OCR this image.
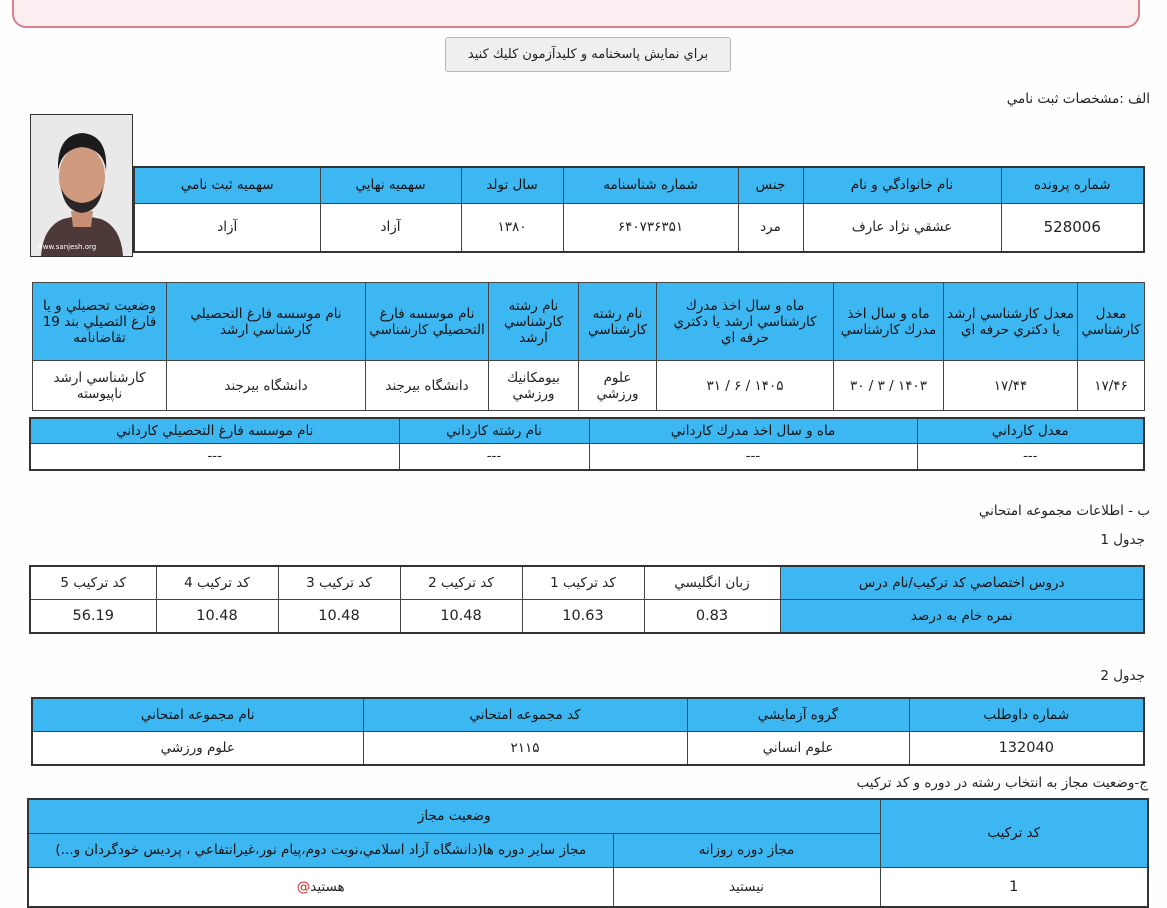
براي نمايش پاسخنامه و كليدآزمون كليك كنيد
الف :مشخصات ثبت نامي
www.sanjesh.org
شماره پرونده	نام خانوادگي و نام	جنس	شماره شناسنامه	سال تولد	سهميه نهايي	سهميه ثبت نامي
528006	عشقي نژاد عارف	مرد	۶۴۰۷۳۶۳۵۱	۱۳۸۰	آزاد	آزاد
معدل كارشناسي	معدل كارشناسي ارشد يا دكتري حرفه اي	ماه و سال اخذ مدرك كارشناسي	ماه و سال اخذ مدرك كارشناسي ارشد يا دكتري حرفه اي	نام رشته كارشناسي	نام رشته كارشناسي ارشد	نام موسسه فارغ التحصيلي كارشناسي	نام موسسه فارغ التحصيلي كارشناسي ارشد	وضعيت تحصيلي و يا فارغ التصيلي بند 19 تقاضانامه
۱۷/۴۶	۱۷/۴۴	۱۴۰۳ / ۳ / ۳۰	۱۴۰۵ / ۶ / ۳۱	علوم ورزشي	بيومكانيك ورزشي	دانشگاه بيرجند	دانشگاه بيرجند	كارشناسي ارشد ناپيوسته
معدل كارداني	ماه و سال اخذ مدرك كارداني	نام رشته كارداني	نام موسسه فارغ التحصيلي كارداني
---	---	---	---
ب - اطلاعات مجموعه امتحاني
جدول 1
دروس اختصاصي كد تركيب/نام درس	زبان انگليسي	كد تركيب 1	كد تركيب 2	كد تركيب 3	كد تركيب 4	كد تركيب 5
نمره خام به درصد	0.83	10.63	10.48	10.48	10.48	56.19
جدول 2
شماره داوطلب	گروه آزمايشي	كد مجموعه امتحاني	نام مجموعه امتحاني
132040	علوم انساني	۲۱۱۵	علوم ورزشي
ج-وضعيت مجاز به انتخاب رشته در دوره و كد تركيب
كد تركيب	وضعيت مجاز	
	مجاز دوره روزانه	مجاز ساير دوره ها(دانشگاه آزاد اسلامي،نوبت دوم،پيام نور،غيرانتفاعي ، پرديس خودگردان و...)
1	نيستيد	هستيد@
